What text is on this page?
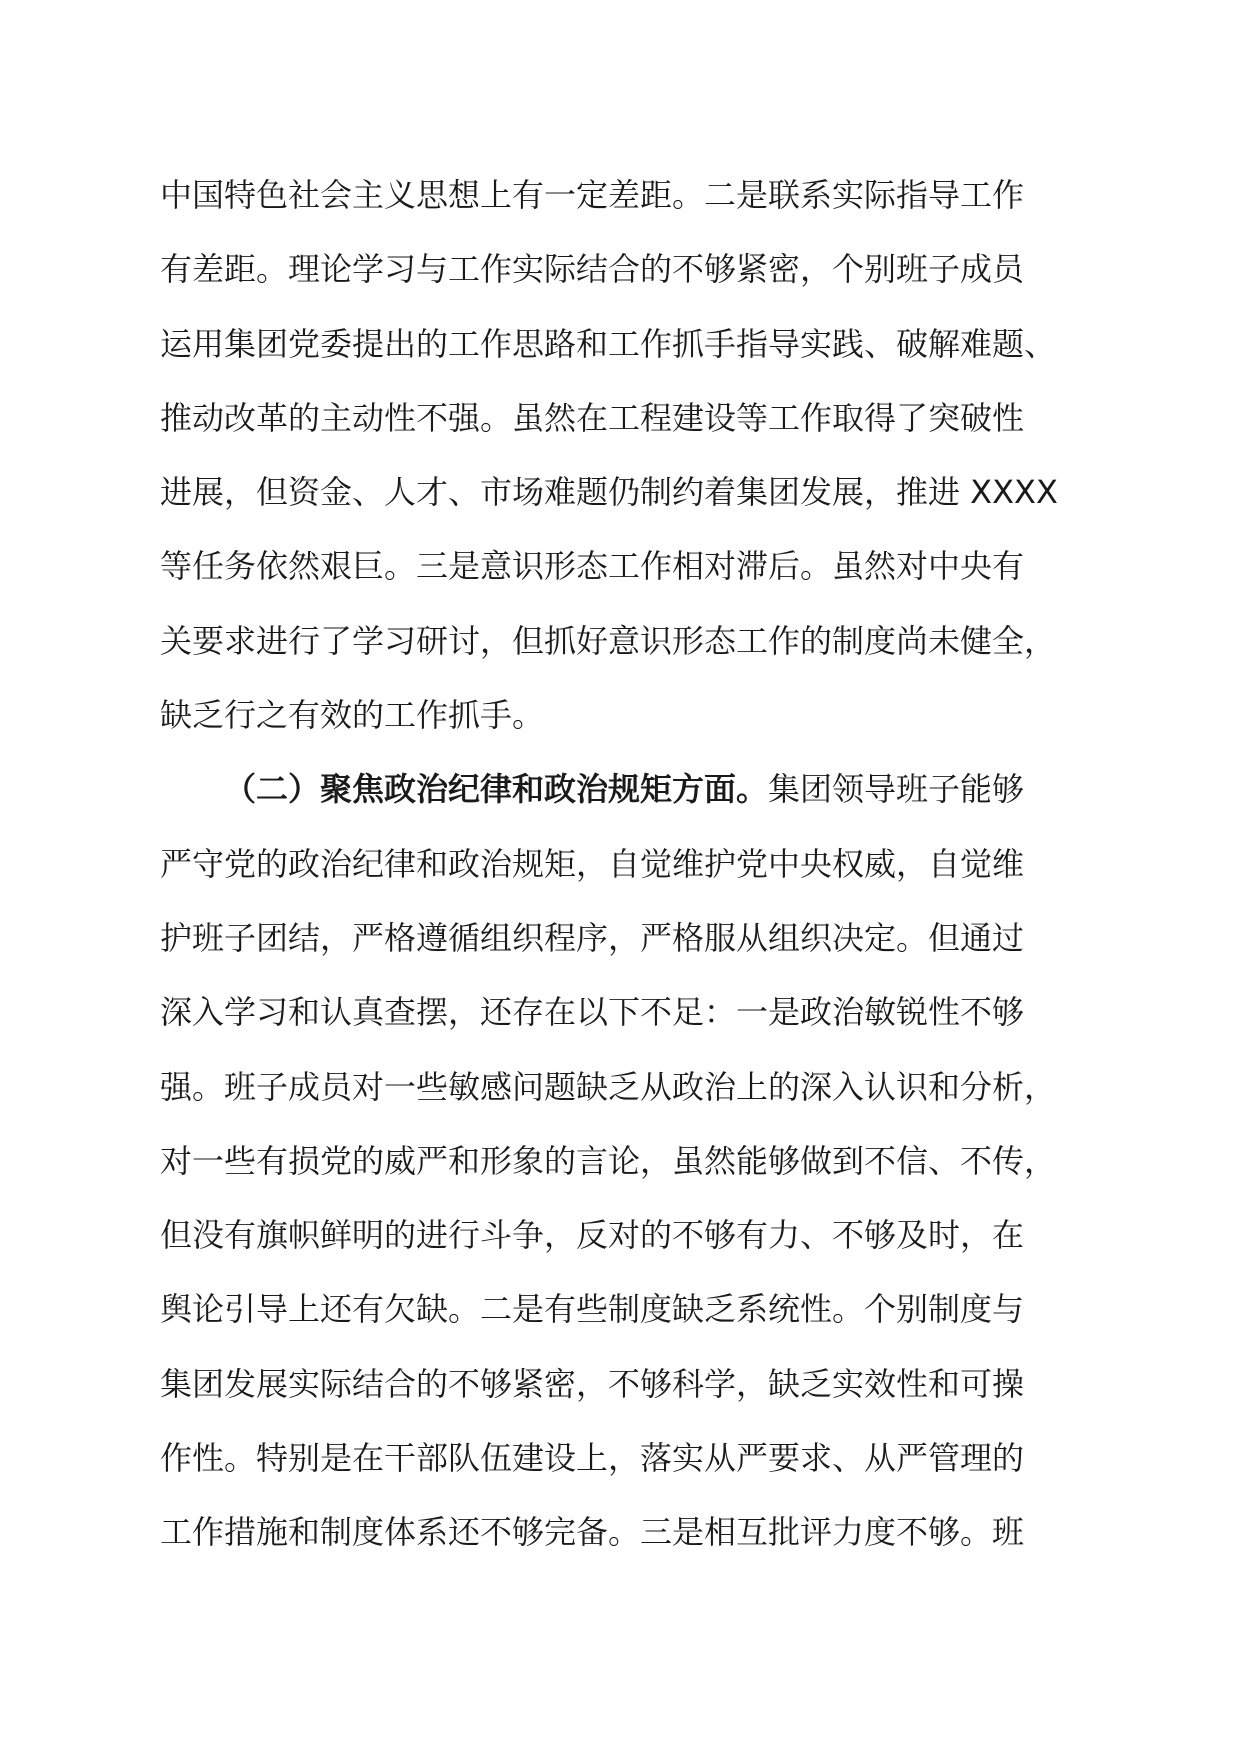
中国特色社会主义思想上有一定差距。二是联系实际指导工作
有差距。理论学习与工作实际结合的不够紧密，个别班子成员
运用集团党委提出的工作思路和工作抓手指导实践、破解难题、
推动改革的主动性不强。虽然在工程建设等工作取得了突破性
进展，但资金、人才、市场难题仍制约着集团发展，推进 XXXX
等任务依然艰巨。三是意识形态工作相对滞后。虽然对中央有
关要求进行了学习研讨，但抓好意识形态工作的制度尚未健全，
缺乏行之有效的工作抓手。
（二）聚焦政治纪律和政治规矩方面。集团领导班子能够
严守党的政治纪律和政治规矩，自觉维护党中央权威，自觉维
护班子团结，严格遵循组织程序，严格服从组织决定。但通过
深入学习和认真查摆，还存在以下不足：一是政治敏锐性不够
强。班子成员对一些敏感问题缺乏从政治上的深入认识和分析，
对一些有损党的威严和形象的言论，虽然能够做到不信、不传，
但没有旗帜鲜明的进行斗争，反对的不够有力、不够及时，在
舆论引导上还有欠缺。二是有些制度缺乏系统性。个别制度与
集团发展实际结合的不够紧密，不够科学，缺乏实效性和可操
作性。特别是在干部队伍建设上，落实从严要求、从严管理的
工作措施和制度体系还不够完备。三是相互批评力度不够。班
